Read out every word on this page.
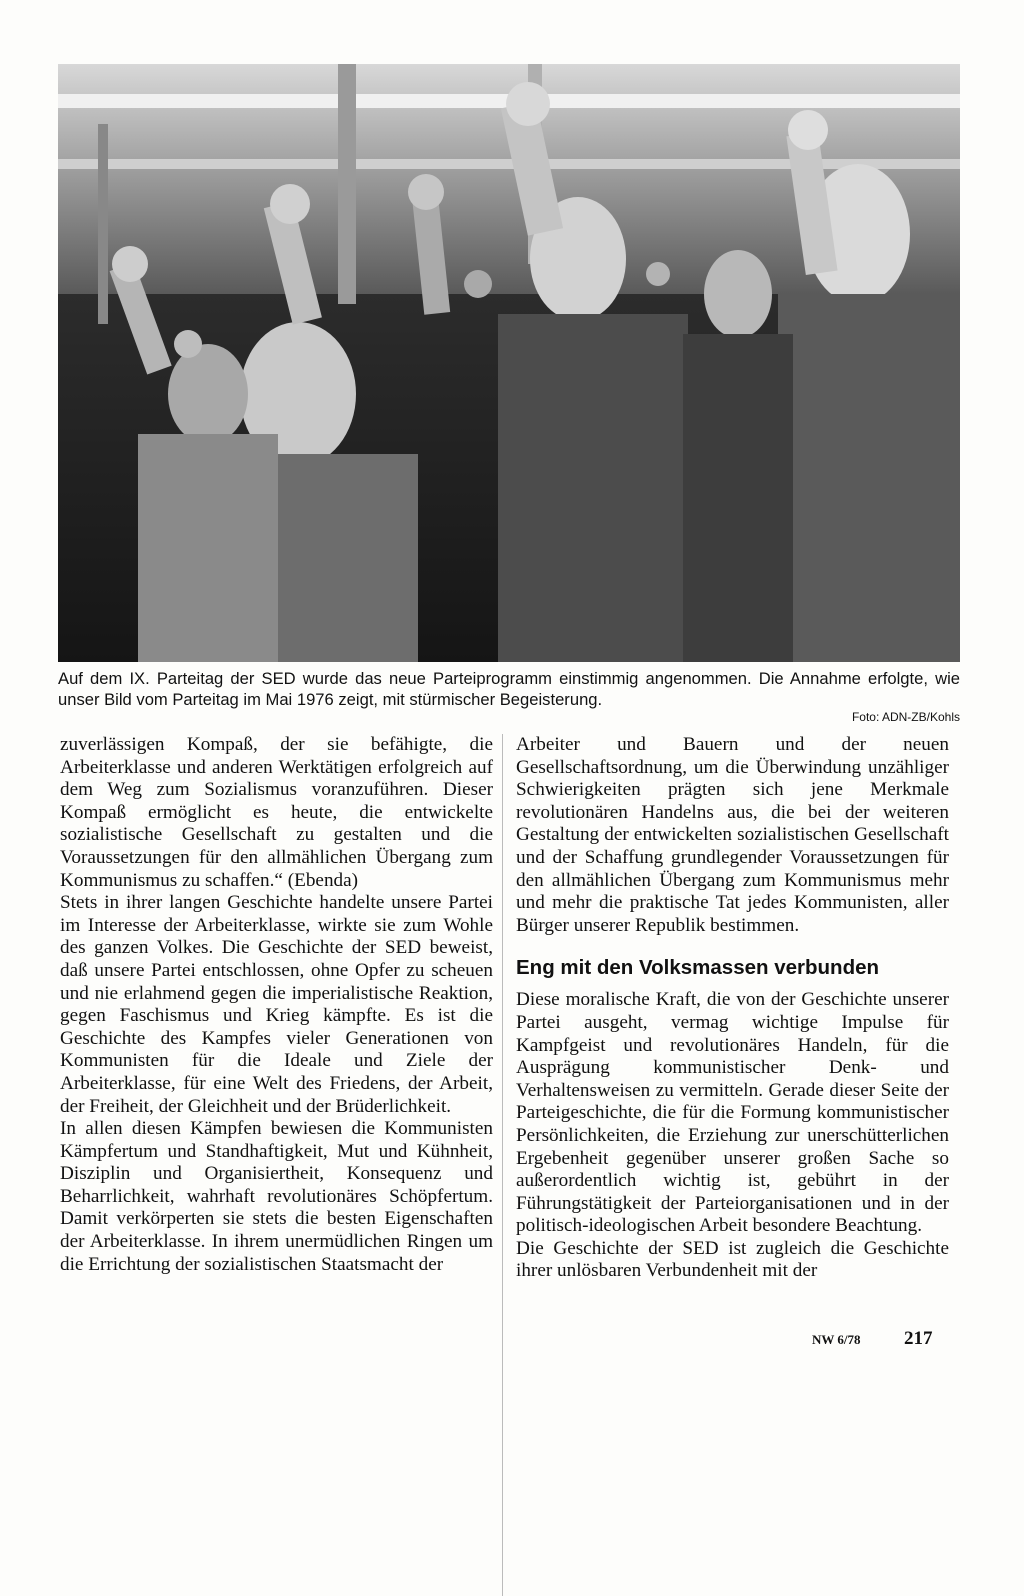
Auf dem IX. Parteitag der SED wurde das neue Parteiprogramm einstimmig angenommen. Die Annahme erfolgte, wie unser Bild vom Parteitag im Mai 1976 zeigt, mit stürmischer Begeisterung.
Foto: ADN-ZB/Kohls

zuverlässigen Kompaß, der sie befähigte, die Arbeiterklasse und anderen Werktätigen erfolgreich auf dem Weg zum Sozialismus voranzuführen. Dieser Kompaß ermöglicht es heute, die entwickelte sozialistische Gesellschaft zu gestalten und die Voraussetzungen für den allmählichen Übergang zum Kommunismus zu schaffen.“ (Ebenda)

Stets in ihrer langen Geschichte handelte unsere Partei im Interesse der Arbeiterklasse, wirkte sie zum Wohle des ganzen Volkes. Die Geschichte der SED beweist, daß unsere Partei entschlossen, ohne Opfer zu scheuen und nie erlahmend gegen die imperialistische Reaktion, gegen Faschismus und Krieg kämpfte. Es ist die Geschichte des Kampfes vieler Generationen von Kommunisten für die Ideale und Ziele der Arbeiterklasse, für eine Welt des Friedens, der Arbeit, der Freiheit, der Gleichheit und der Brüderlichkeit.

In allen diesen Kämpfen bewiesen die Kommunisten Kämpfertum und Standhaftigkeit, Mut und Kühnheit, Disziplin und Organisiertheit, Konsequenz und Beharrlichkeit, wahrhaft revolutionäres Schöpfertum. Damit verkörperten sie stets die besten Eigenschaften der Arbeiterklasse. In ihrem unermüdlichen Ringen um die Errichtung der sozialistischen Staatsmacht der

Arbeiter und Bauern und der neuen Gesellschaftsordnung, um die Überwindung unzähliger Schwierigkeiten prägten sich jene Merkmale revolutionären Handelns aus, die bei der weiteren Gestaltung der entwickelten sozialistischen Gesellschaft und der Schaffung grundlegender Voraussetzungen für den allmählichen Übergang zum Kommunismus mehr und mehr die praktische Tat jedes Kommunisten, aller Bürger unserer Republik bestimmen.

Eng mit den Volksmassen verbunden

Diese moralische Kraft, die von der Geschichte unserer Partei ausgeht, vermag wichtige Impulse für Kampfgeist und revolutionäres Handeln, für die Ausprägung kommunistischer Denk- und Verhaltensweisen zu vermitteln. Gerade dieser Seite der Parteigeschichte, die für die Formung kommunistischer Persönlichkeiten, die Erziehung zur unerschütterlichen Ergebenheit gegenüber unserer großen Sache so außerordentlich wichtig ist, gebührt in der Führungstätigkeit der Parteiorganisationen und in der politisch-ideologischen Arbeit besondere Beachtung.

Die Geschichte der SED ist zugleich die Geschichte ihrer unlösbaren Verbundenheit mit der

NW 6/78 217
